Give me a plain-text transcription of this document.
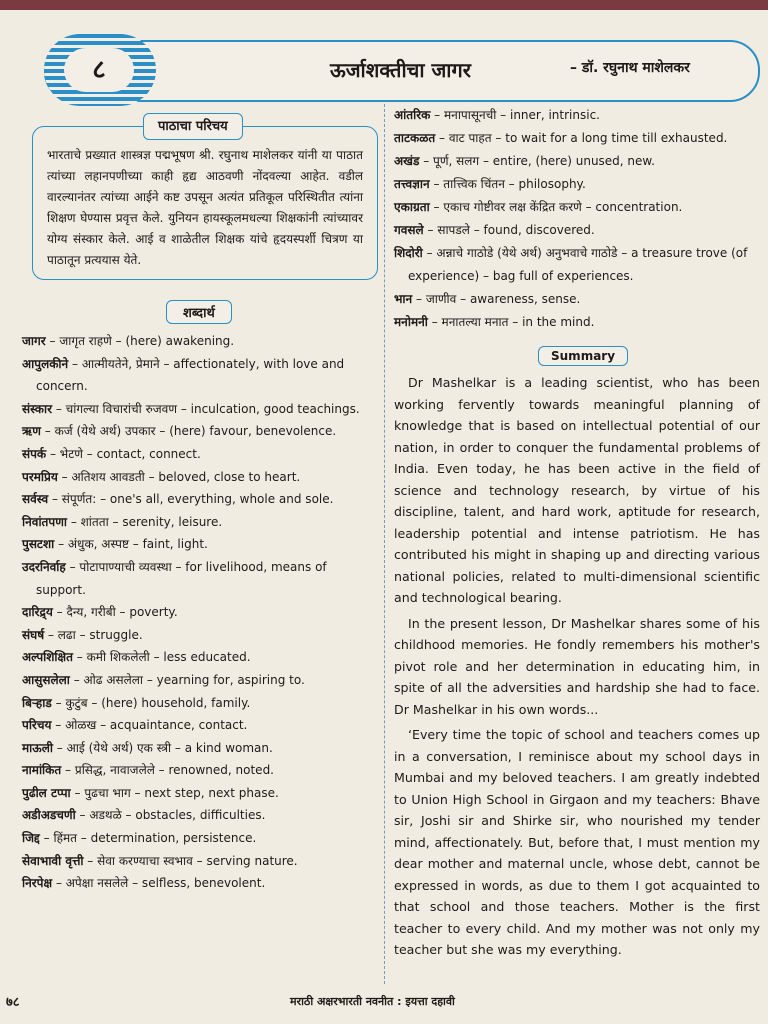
८	ऊर्जाशक्तीचा जागर	– डॉ. रघुनाथ माशेलकर
पाठाचा परिचय
भारताचे प्रख्यात शास्त्रज्ञ पद्मभूषण श्री. रघुनाथ माशेलकर यांनी या पाठात त्यांच्या लहानपणीच्या काही हृद्य आठवणी नोंदवल्या आहेत. वडील वारल्यानंतर त्यांच्या आईने कष्ट उपसून अत्यंत प्रतिकूल परिस्थितीत त्यांना शिक्षण घेण्यास प्रवृत्त केले. युनियन हायस्कूलमधल्या शिक्षकांनी त्यांच्यावर योग्य संस्कार केले. आई व शाळेतील शिक्षक यांचे हृदयस्पर्शी चित्रण या पाठातून प्रत्ययास येते.
शब्दार्थ
जागर – जागृत राहणे – (here) awakening.
आपुलकीने – आत्मीयतेने, प्रेमाने – affectionately, with love and concern.
संस्कार – चांगल्या विचारांची रुजवण – inculcation, good teachings.
ऋण – कर्ज (येथे अर्थ) उपकार – (here) favour, benevolence.
संपर्क – भेटणे – contact, connect.
परमप्रिय – अतिशय आवडती – beloved, close to heart.
सर्वस्व – संपूर्णत: – one's all, everything, whole and sole.
निवांतपणा – शांतता – serenity, leisure.
पुसटशा – अंधुक, अस्पष्ट – faint, light.
उदरनिर्वाह – पोटापाण्याची व्यवस्था – for livelihood, means of support.
दारिद्र्य – दैन्य, गरीबी – poverty.
संघर्ष – लढा – struggle.
अल्पशिक्षित – कमी शिकलेली – less educated.
आसुसलेला – ओढ असलेला – yearning for, aspiring to.
बिऱ्हाड – कुटुंब – (here) household, family.
परिचय – ओळख – acquaintance, contact.
माऊली – आई (येथे अर्थ) एक स्त्री – a kind woman.
नामांकित – प्रसिद्ध, नावाजलेले – renowned, noted.
पुढील टप्पा – पुढचा भाग – next step, next phase.
अडीअडचणी – अडथळे – obstacles, difficulties.
जिद्द – हिंमत – determination, persistence.
सेवाभावी वृत्ती – सेवा करण्याचा स्वभाव – serving nature.
निरपेक्ष – अपेक्षा नसलेले – selfless, benevolent.
आंतरिक – मनापासूनची – inner, intrinsic.
ताटकळत – वाट पाहत – to wait for a long time till exhausted.
अखंड – पूर्ण, सलग – entire, (here) unused, new.
तत्त्वज्ञान – तात्त्विक चिंतन – philosophy.
एकाग्रता – एकाच गोष्टीवर लक्ष केंद्रित करणे – concentration.
गवसले – सापडले – found, discovered.
शिदोरी – अन्नाचे गाठोडे (येथे अर्थ) अनुभवाचे गाठोडे – a treasure trove (of experience) – bag full of experiences.
भान – जाणीव – awareness, sense.
मनोमनी – मनातल्या मनात – in the mind.
Summary

Dr Mashelkar is a leading scientist, who has been working fervently towards meaningful planning of knowledge that is based on intellectual potential of our nation, in order to conquer the fundamental problems of India. Even today, he has been active in the field of science and technology research, by virtue of his discipline, talent, and hard work, aptitude for research, leadership potential and intense patriotism. He has contributed his might in shaping up and directing various national policies, related to multi-dimensional scientific and technological bearing.

In the present lesson, Dr Mashelkar shares some of his childhood memories. He fondly remembers his mother's pivot role and her determination in educating him, in spite of all the adversities and hardship she had to face. Dr Mashelkar in his own words...

‘Every time the topic of school and teachers comes up in a conversation, I reminisce about my school days in Mumbai and my beloved teachers. I am greatly indebted to Union High School in Girgaon and my teachers: Bhave sir, Joshi sir and Shirke sir, who nourished my tender mind, affectionately. But, before that, I must mention my dear mother and maternal uncle, whose debt, cannot be expressed in words, as due to them I got acquainted to that school and those teachers. Mother is the first teacher to every child. And my mother was not only my teacher but she was my everything.

७८	मराठी अक्षरभारती नवनीत : इयत्ता दहावी
